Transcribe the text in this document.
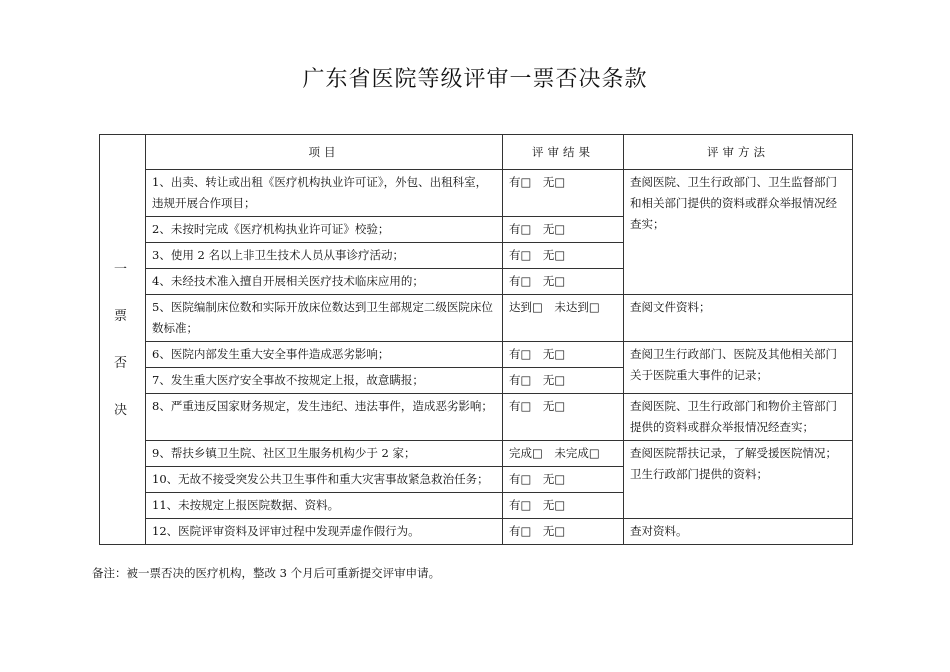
广东省医院等级评审一票否决条款
一
票
否
决	项目	评审结果	评审方法
	1、出卖、转让或出租《医疗机构执业许可证》，外包、出租科室，违规开展合作项目；	有□　无□	查阅医院、卫生行政部门、卫生监督部门和相关部门提供的资料或群众举报情况经查实；
	2、未按时完成《医疗机构执业许可证》校验；	有□　无□	
	3、使用 2 名以上非卫生技术人员从事诊疗活动；	有□　无□	
	4、未经技术准入擅自开展相关医疗技术临床应用的；	有□　无□	
	5、医院编制床位数和实际开放床位数达到卫生部规定二级医院床位数标准；	达到□　未达到□	查阅文件资料；
	6、医院内部发生重大安全事件造成恶劣影响；	有□　无□	查阅卫生行政部门、医院及其他相关部门关于医院重大事件的记录；
	7、发生重大医疗安全事故不按规定上报，故意瞒报；	有□　无□	
	8、严重违反国家财务规定，发生违纪、违法事件，造成恶劣影响；	有□　无□	查阅医院、卫生行政部门和物价主管部门提供的资料或群众举报情况经查实；
	9、帮扶乡镇卫生院、社区卫生服务机构少于 2 家；	完成□　未完成□	查阅医院帮扶记录，了解受援医院情况；卫生行政部门提供的资料；
	10、无故不接受突发公共卫生事件和重大灾害事故紧急救治任务；	有□　无□	
	11、未按规定上报医院数据、资料。	有□　无□	
	12、医院评审资料及评审过程中发现弄虚作假行为。	有□　无□	查对资料。
备注：被一票否决的医疗机构，整改 3 个月后可重新提交评审申请。
